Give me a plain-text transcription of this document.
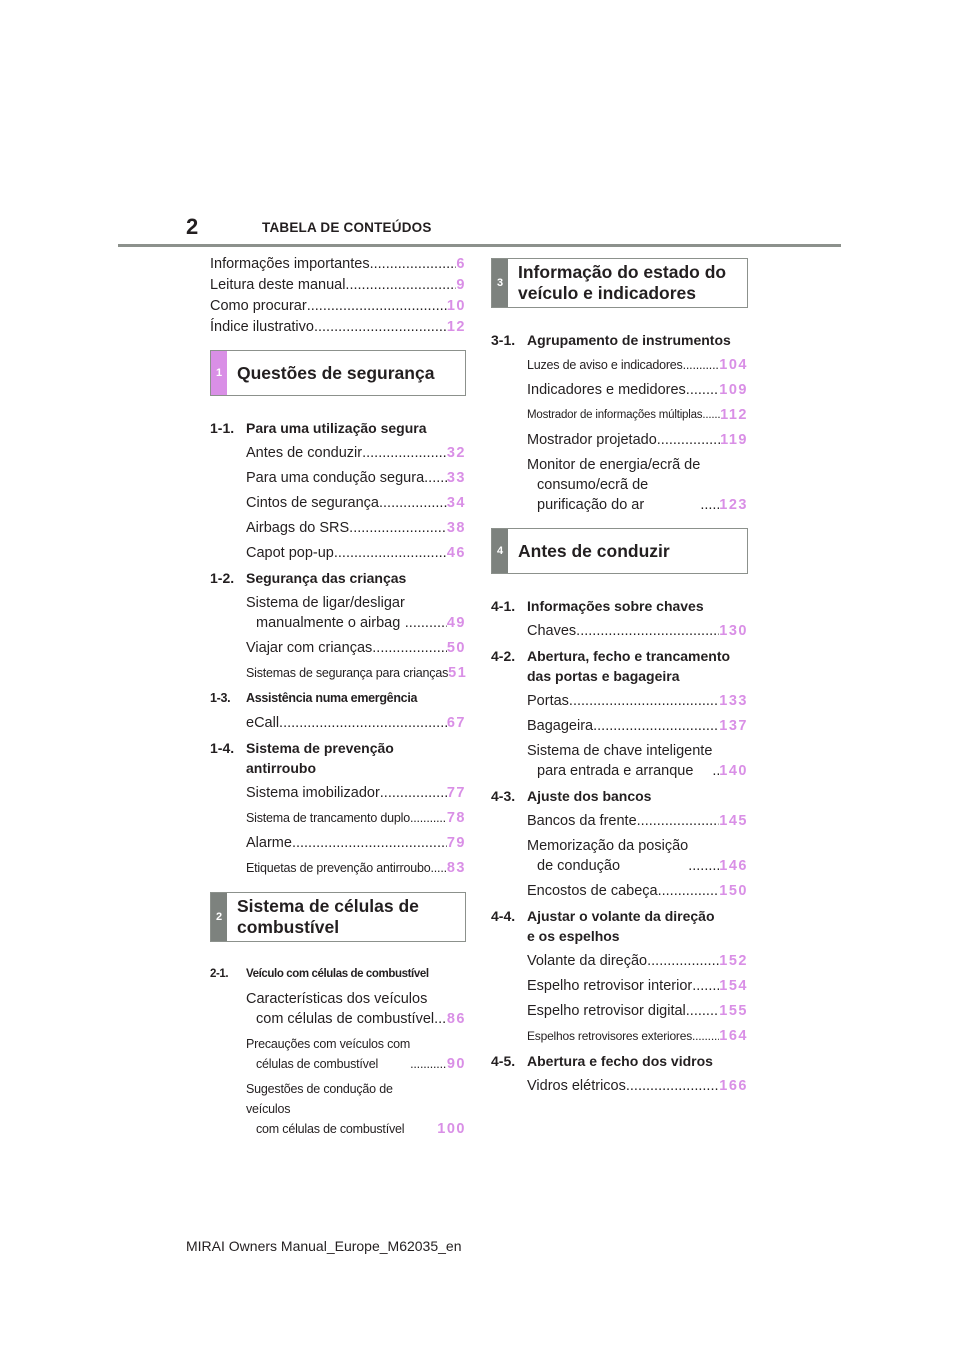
2	TABELA DE CONTEÚDOS
Informações importantes .....	6
Leitura deste manual .....	9
Como procurar .....	10
Índice ilustrativo .....	12
1 Questões de segurança
1-1. Para uma utilização segura
Antes de conduzir .....	32
Para uma condução segura ..... 33
Cintos de segurança .....	34
Airbags do SRS .....	38
Capot pop-up .....	46
1-2. Segurança das crianças
Sistema de ligar/desligar
manualmente o airbag .....	49
Viajar com crianças .....	50
Sistemas de segurança para crianças 51
1-3.	Assistência numa emergência
eCall .....	67
1-4. Sistema de prevenção
antirroubo
Sistema imobilizador .....	77
Sistema de trancamento duplo .....	78
Alarme .....	79
Etiquetas de prevenção antirroubo ..... 83
2
Sistema de células de
combustível
2-1.	Veículo com células de combustível
Características dos veículos
com células de combustível ..... 86
Precauções com veículos com
células de combustível .....	90
Sugestões de condução de veículos
com células de combustível	100
3
Informação do estado do
veículo e indicadores
3-1. Agrupamento de instrumentos
Luzes de aviso e indicadores .....	104
Indicadores e medidores ..... 109
Mostrador de informações múltiplas ..... 112
Mostrador projetado .....	119
Monitor de energia/ecrã de
consumo/ecrã de
purificação do ar .....	123
4 Antes de conduzir
4-1. Informações sobre chaves
Chaves .....	130
4-2. Abertura, fecho e trancamento
das portas e bagageira
Portas .....	133
Bagageira .....	137
Sistema de chave inteligente
para entrada e arranque .....	140
4-3. Ajuste dos bancos
Bancos da frente .....	145
Memorização da posição
de condução .....	146
Encostos de cabeça .....	150
4-4. Ajustar o volante da direção
e os espelhos
Volante da direção .....	152
Espelho retrovisor interior ..... 154
Espelho retrovisor digital ..... 155
Espelhos retrovisores exteriores ..... 164
4-5. Abertura e fecho dos vidros
Vidros elétricos .....	166
MIRAI Owners Manual_Europe_M62035_en
